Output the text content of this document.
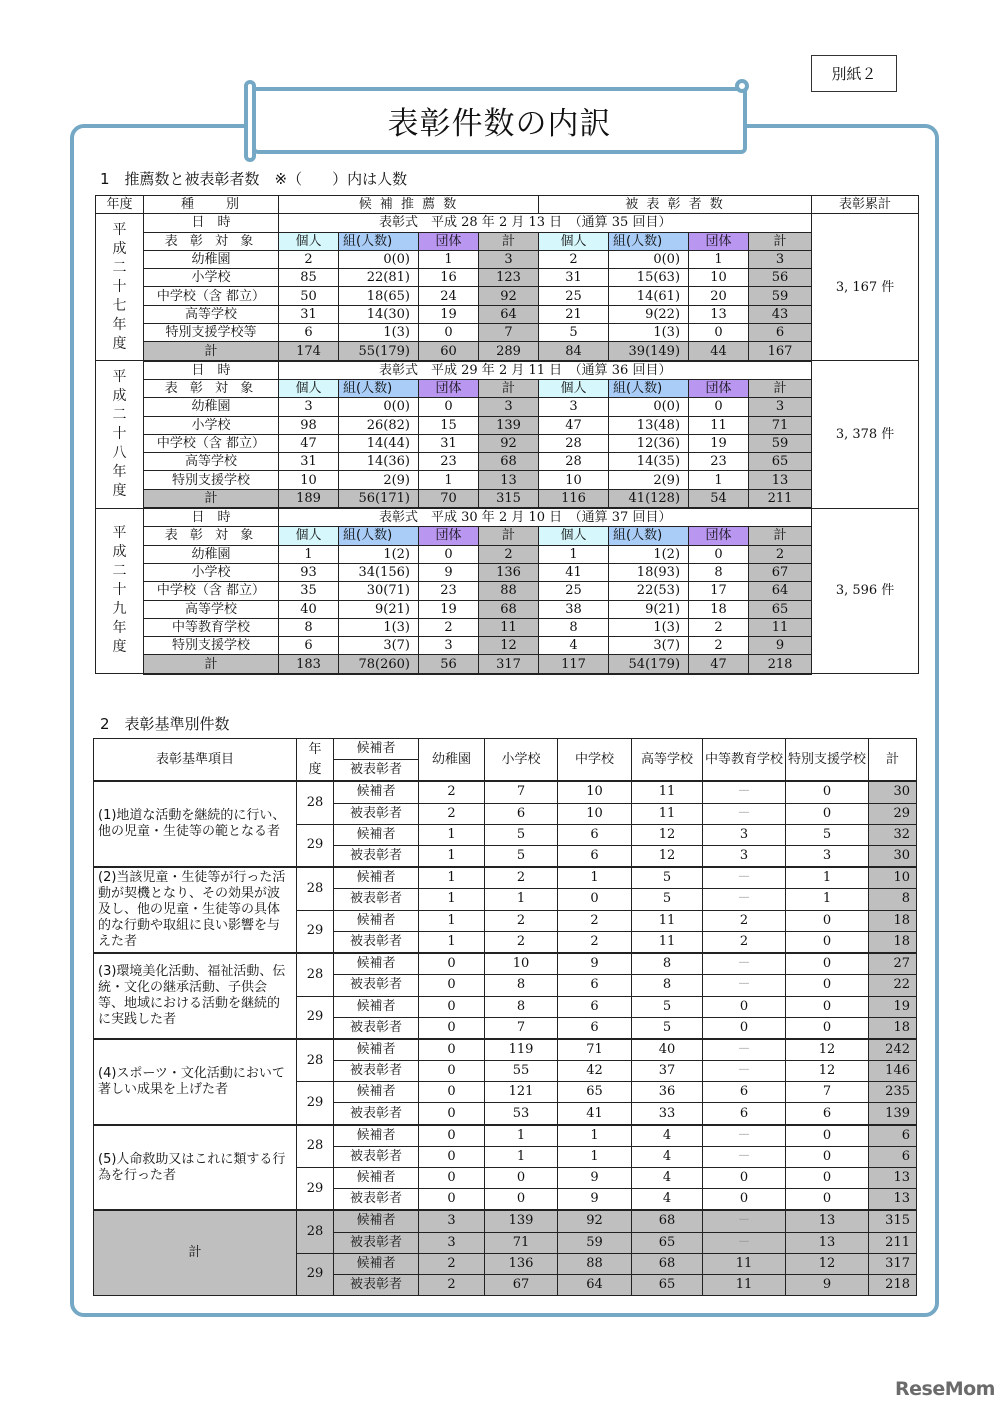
表彰件数の内訳
別紙２
1　推薦数と被表彰者数　※（　　）内は人数
年度	種　　別	候 補 推 薦 数				被 表 彰 者 数				表彰累計
平成二十七年度	日　時	表彰式　平成 28 年 2 月 13 日　（通算 35 回目）								3, 167 件
	表 彰 対 象	個人	組(人数)	団体	計	個人	組(人数)	団体	計	
	幼稚園	2	0(0)	1	3	2	0(0)	1	3	
	小学校	85	22(81)	16	123	31	15(63)	10	56	
	中学校（含 都立）	50	18(65)	24	92	25	14(61)	20	59	
	高等学校	31	14(30)	19	64	21	9(22)	13	43	
	特別支援学校等	6	1(3)	0	7	5	1(3)	0	6	
	計	174	55(179)	60	289	84	39(149)	44	167	
平成二十八年度	日　時	表彰式　平成 29 年 2 月 11 日　（通算 36 回目）								3, 378 件
	表 彰 対 象	個人	組(人数)	団体	計	個人	組(人数)	団体	計	
	幼稚園	3	0(0)	0	3	3	0(0)	0	3	
	小学校	98	26(82)	15	139	47	13(48)	11	71	
	中学校（含 都立）	47	14(44)	31	92	28	12(36)	19	59	
	高等学校	31	14(36)	23	68	28	14(35)	23	65	
	特別支援学校	10	2(9)	1	13	10	2(9)	1	13	
	計	189	56(171)	70	315	116	41(128)	54	211	
平成二十九年度	日　時	表彰式　平成 30 年 2 月 10 日　（通算 37 回目）								3, 596 件
	表 彰 対 象	個人	組(人数)	団体	計	個人	組(人数)	団体	計	
	幼稚園	1	1(2)	0	2	1	1(2)	0	2	
	小学校	93	34(156)	9	136	41	18(93)	8	67	
	中学校（含 都立）	35	30(71)	23	88	25	22(53)	17	64	
	高等学校	40	9(21)	19	68	38	9(21)	18	65	
	中等教育学校	8	1(3)	2	11	8	1(3)	2	11	
	特別支援学校	6	3(7)	3	12	4	3(7)	2	9	
	計	183	78(260)	56	317	117	54(179)	47	218	
2　表彰基準別件数
表彰基準項目	年度	候補者	幼稚園	小学校	中学校	高等学校	中等教育学校	特別支援学校	計
		被表彰者							
(1)地道な活動を継続的に行い、他の児童・生徒等の範となる者	28	候補者	2	7	10	11	－	0	30
		被表彰者	2	6	10	11	－	0	29
	29	候補者	1	5	6	12	3	5	32
		被表彰者	1	5	6	12	3	3	30
(2)当該児童・生徒等が行った活動が契機となり、その効果が波及し、他の児童・生徒等の具体的な行動や取組に良い影響を与えた者	28	候補者	1	2	1	5	－	1	10
		被表彰者	1	1	0	5	－	1	8
	29	候補者	1	2	2	11	2	0	18
		被表彰者	1	2	2	11	2	0	18
(3)環境美化活動、福祉活動、伝統・文化の継承活動、子供会等、地域における活動を継続的に実践した者	28	候補者	0	10	9	8	－	0	27
		被表彰者	0	8	6	8	－	0	22
	29	候補者	0	8	6	5	0	0	19
		被表彰者	0	7	6	5	0	0	18
(4)スポーツ・文化活動において著しい成果を上げた者	28	候補者	0	119	71	40	－	12	242
		被表彰者	0	55	42	37	－	12	146
	29	候補者	0	121	65	36	6	7	235
		被表彰者	0	53	41	33	6	6	139
(5)人命救助又はこれに類する行為を行った者	28	候補者	0	1	1	4	－	0	6
		被表彰者	0	1	1	4	－	0	6
	29	候補者	0	0	9	4	0	0	13
		被表彰者	0	0	9	4	0	0	13
計	28	候補者	3	139	92	68	－	13	315
		被表彰者	3	71	59	65	－	13	211
	29	候補者	2	136	88	68	11	12	317
		被表彰者	2	67	64	65	11	9	218
ReseMom
